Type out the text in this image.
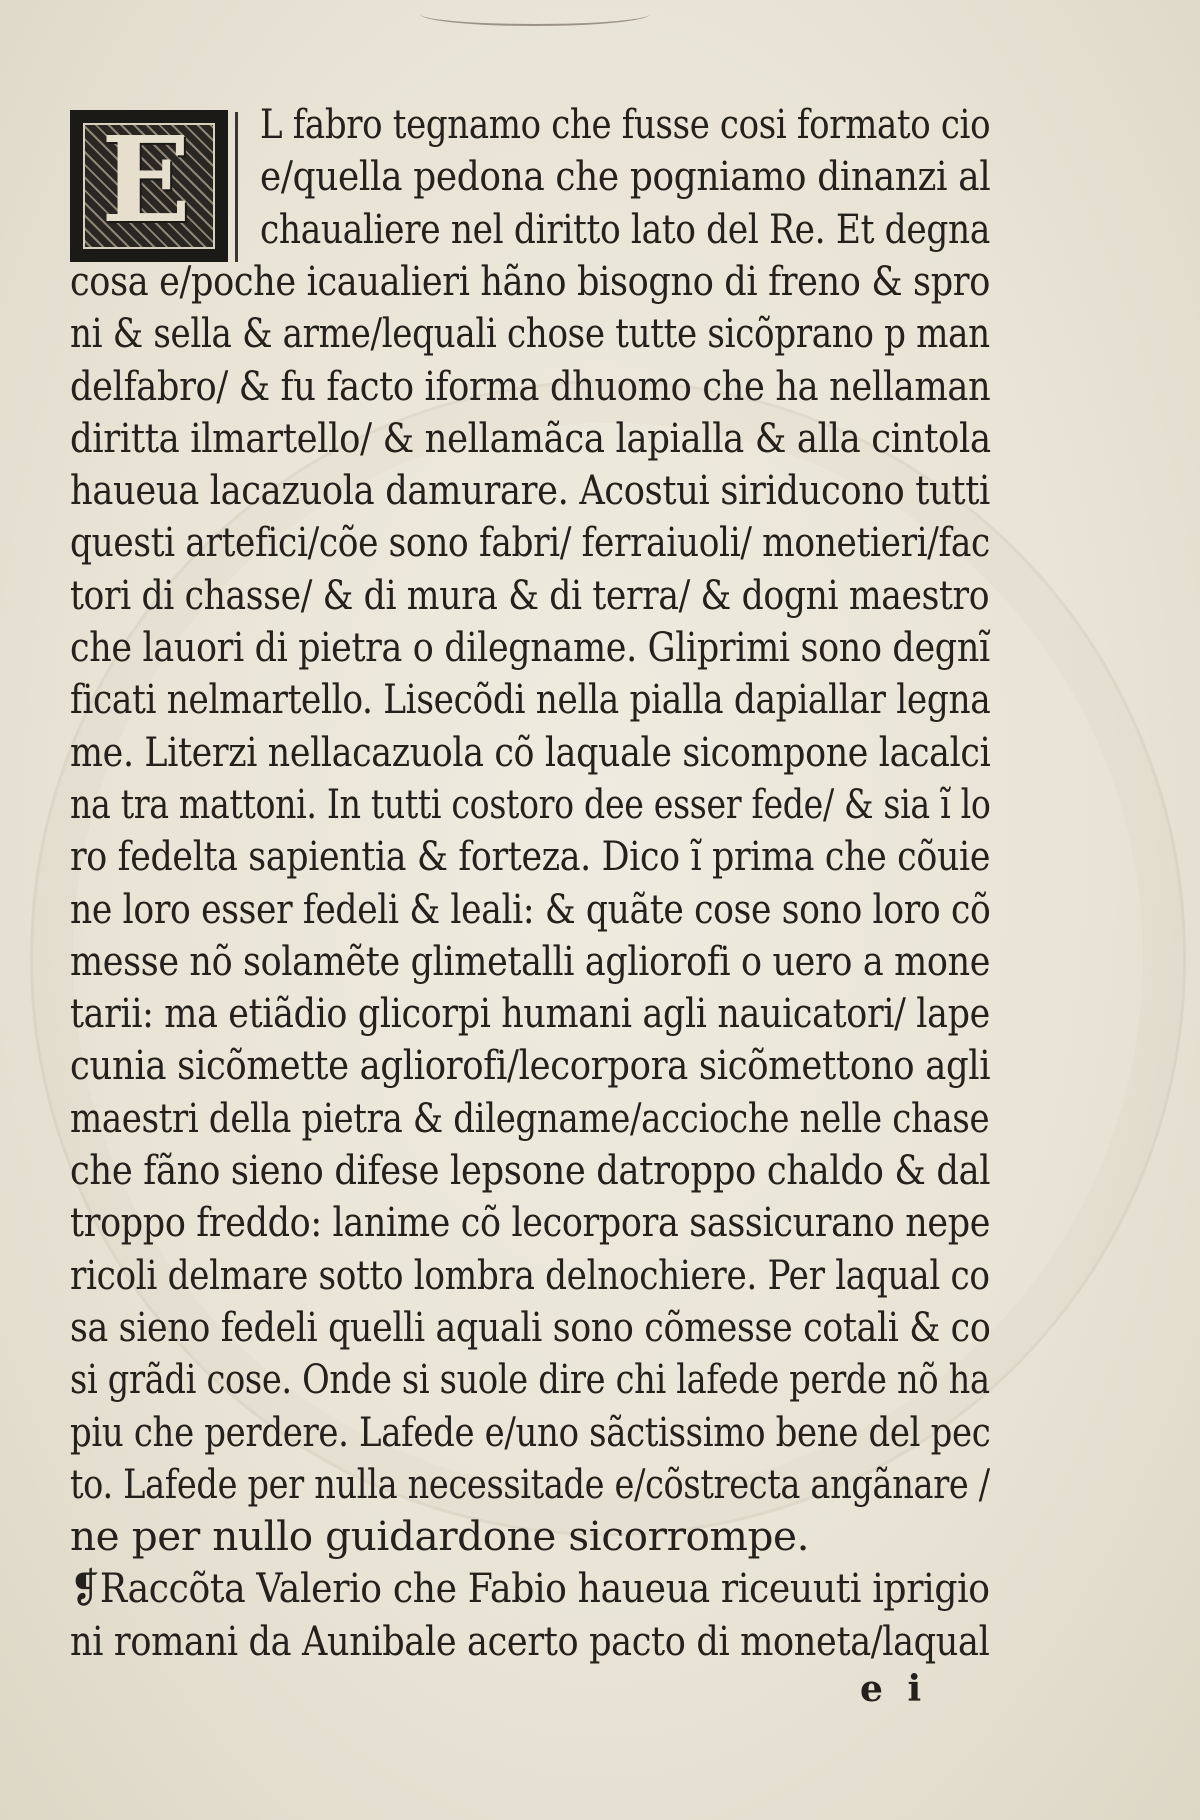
E L fabro tegnamo che fusse cosi formato cio
e/quella pedona che pogniamo dinanzi al
chaualiere nel diritto lato del Re. Et degna
cosa e/poche icaualieri hãno bisogno di freno & spro
ni & sella & arme/lequali chose tutte sicõprano p man
delfabro/ & fu facto iforma dhuomo che ha nellaman
diritta ilmartello/ & nellamãca lapialla & alla cintola
haueua lacazuola damurare. Acostui siriducono tutti
questi artefici/cõe sono fabri/ ferraiuoli/ monetieri/fac
tori di chasse/ & di mura & di terra/ & dogni maestro
che lauori di pietra o dilegname. Gliprimi sono degnĩ
ficati nelmartello. Lisecõdi nella pialla dapiallar legna
me. Literzi nellacazuola cõ laquale sicompone lacalci
na tra mattoni. In tutti costoro dee esser fede/ & sia ĩ lo
ro fedelta sapientia & forteza. Dico ĩ prima che cõuie
ne loro esser fedeli & leali: & quãte cose sono loro cõ
messe nõ solamẽte glimetalli agliorofi o uero a mone
tarii: ma etiãdio glicorpi humani agli nauicatori/ lape
cunia sicõmette agliorofi/lecorpora sicõmettono agli
maestri della pietra & dilegname/accioche nelle chase
che fãno sieno difese lepsone datroppo chaldo & dal
troppo freddo: lanime cõ lecorpora sassicurano nepe
ricoli delmare sotto lombra delnochiere. Per laqual co
sa sieno fedeli quelli aquali sono cõmesse cotali & co
si grãdi cose. Onde si suole dire chi lafede perde nõ ha
piu che perdere. Lafede e/uno sãctissimo bene del pec
to. Lafede per nulla necessitade e/cõstrecta angãnare /
ne per nullo guidardone sicorrompe.
❡Raccõta Valerio che Fabio haueua riceuuti iprigio
ni romani da Aunibale acerto pacto di moneta/laqual
e i
